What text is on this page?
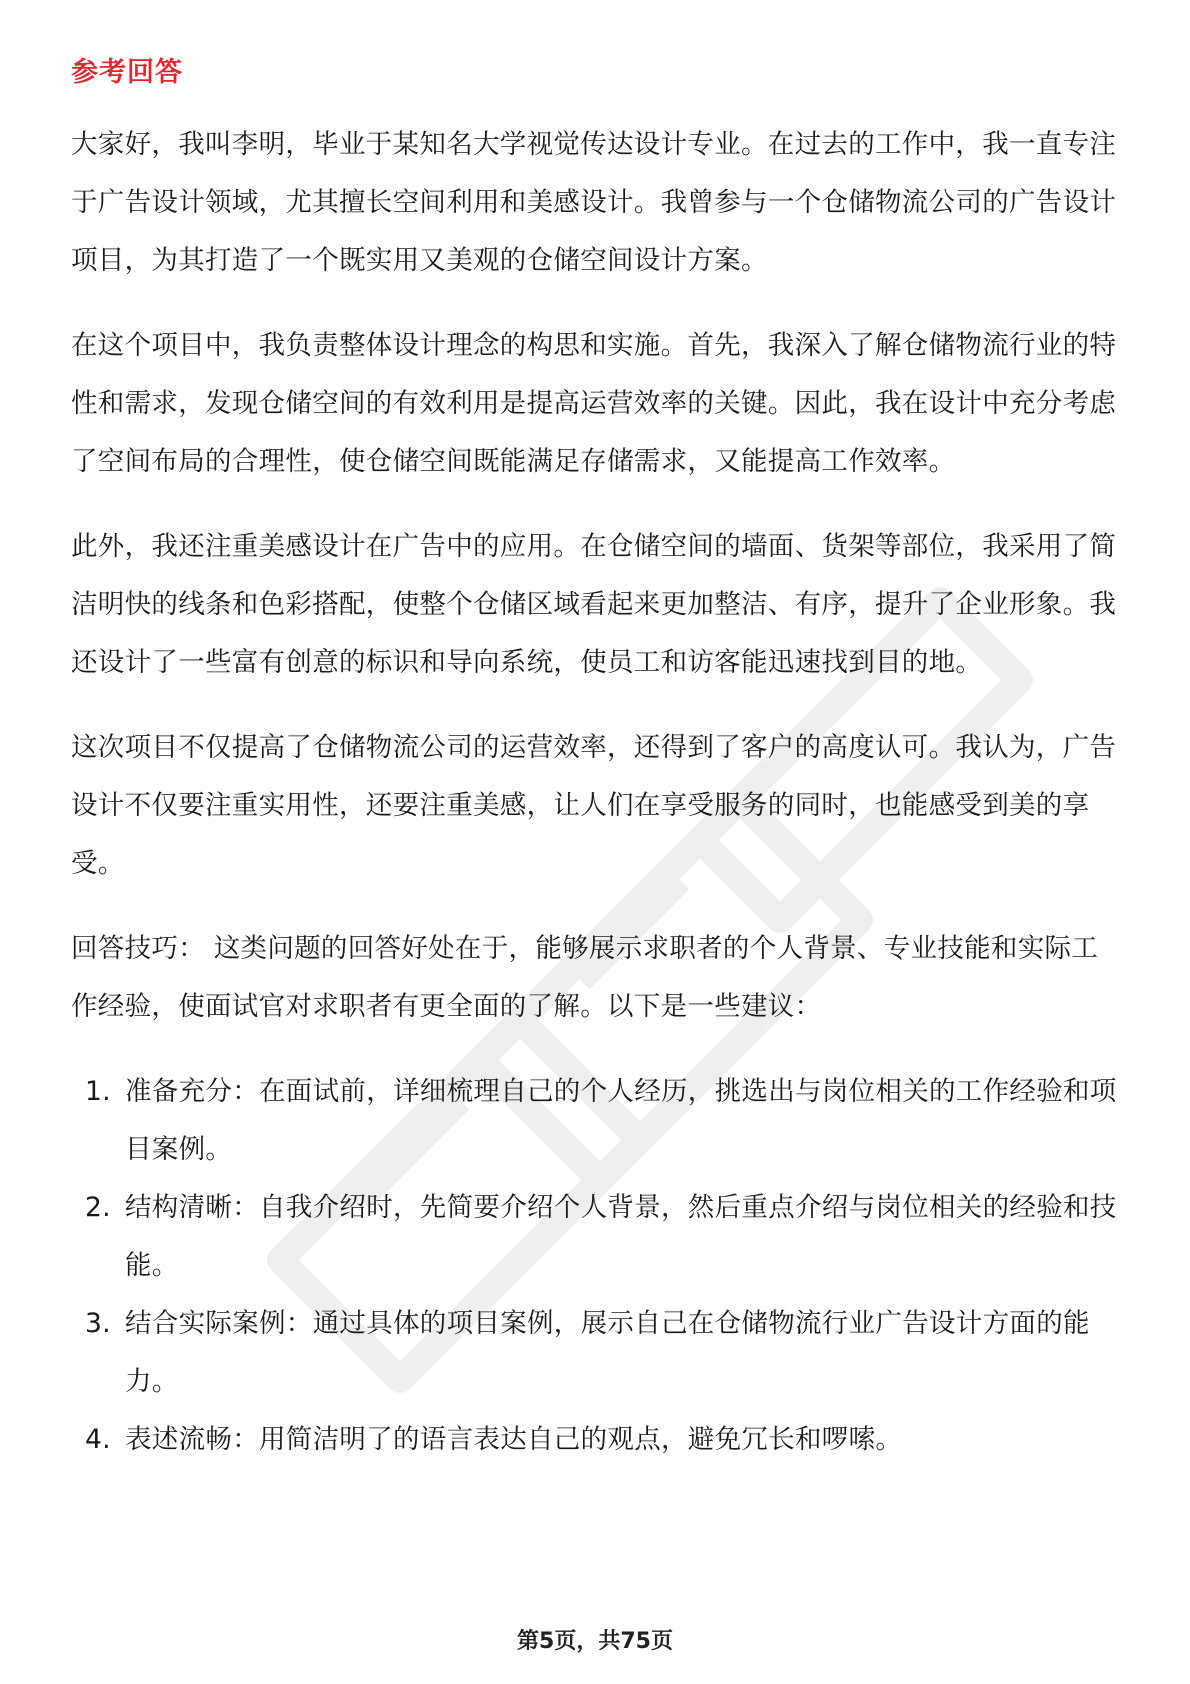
参考回答

大家好，我叫李明，毕业于某知名大学视觉传达设计专业。在过去的工作中，我一直专注于广告设计领域，尤其擅长空间利用和美感设计。我曾参与一个仓储物流公司的广告设计项目，为其打造了一个既实用又美观的仓储空间设计方案。

在这个项目中，我负责整体设计理念的构思和实施。首先，我深入了解仓储物流行业的特性和需求，发现仓储空间的有效利用是提高运营效率的关键。因此，我在设计中充分考虑了空间布局的合理性，使仓储空间既能满足存储需求，又能提高工作效率。

此外，我还注重美感设计在广告中的应用。在仓储空间的墙面、货架等部位，我采用了简洁明快的线条和色彩搭配，使整个仓储区域看起来更加整洁、有序，提升了企业形象。我还设计了一些富有创意的标识和导向系统，使员工和访客能迅速找到目的地。

这次项目不仅提高了仓储物流公司的运营效率，还得到了客户的高度认可。我认为，广告设计不仅要注重实用性，还要注重美感，让人们在享受服务的同时，也能感受到美的享受。

回答技巧： 这类问题的回答好处在于，能够展示求职者的个人背景、专业技能和实际工作经验，使面试官对求职者有更全面的了解。以下是一些建议：

1. 准备充分：在面试前，详细梳理自己的个人经历，挑选出与岗位相关的工作经验和项目案例。
2. 结构清晰：自我介绍时，先简要介绍个人背景，然后重点介绍与岗位相关的经验和技能。
3. 结合实际案例：通过具体的项目案例，展示自己在仓储物流行业广告设计方面的能力。
4. 表述流畅：用简洁明了的语言表达自己的观点，避免冗长和啰嗦。
第5页，共75页
